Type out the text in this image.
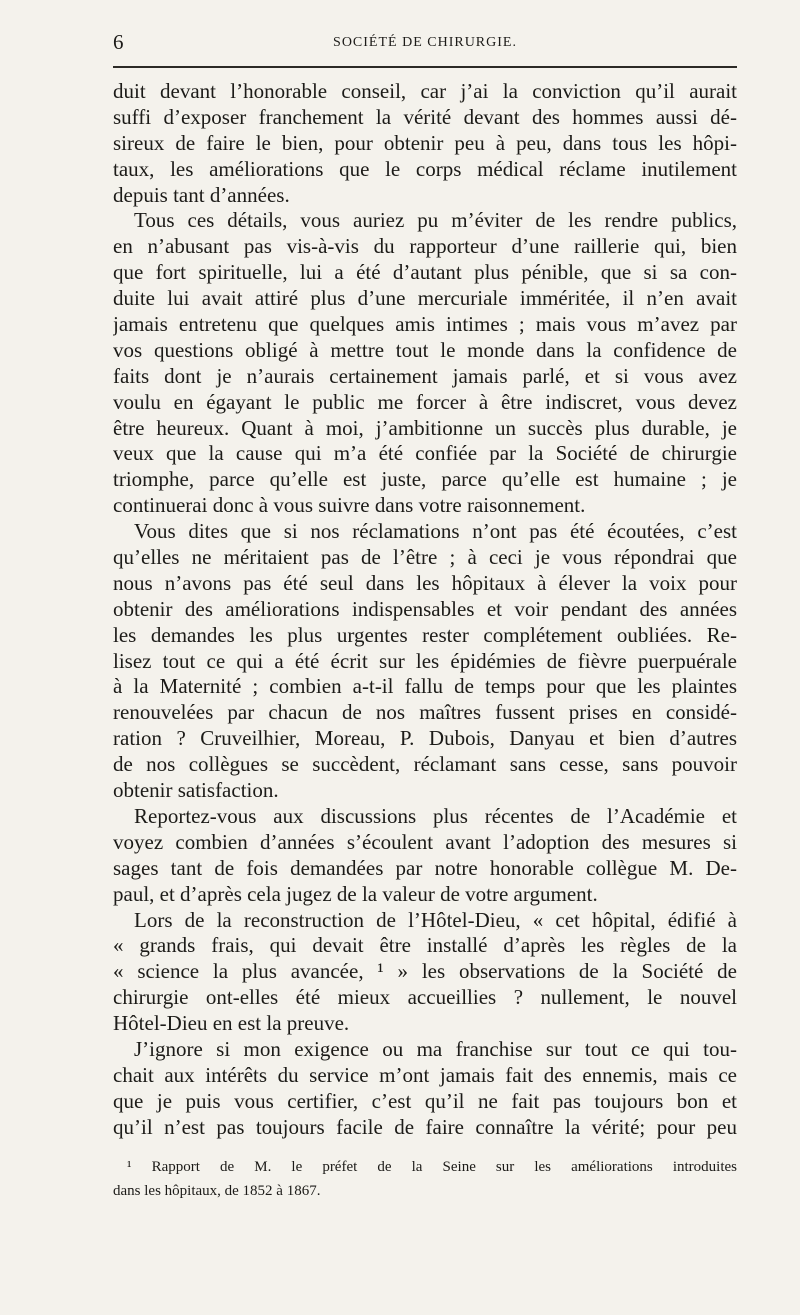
6	SOCIÉTÉ DE CHIRURGIE.
duit devant l’honorable conseil, car j’ai la conviction qu’il aurait
suffi d’exposer franchement la vérité devant des hommes aussi dé-
sireux de faire le bien, pour obtenir peu à peu, dans tous les hôpi-
taux, les améliorations que le corps médical réclame inutilement
depuis tant d’années.
Tous ces détails, vous auriez pu m’éviter de les rendre publics,
en n’abusant pas vis-à-vis du rapporteur d’une raillerie qui, bien
que fort spirituelle, lui a été d’autant plus pénible, que si sa con-
duite lui avait attiré plus d’une mercuriale imméritée, il n’en avait
jamais entretenu que quelques amis intimes ; mais vous m’avez par
vos questions obligé à mettre tout le monde dans la confidence de
faits dont je n’aurais certainement jamais parlé, et si vous avez
voulu en égayant le public me forcer à être indiscret, vous devez
être heureux. Quant à moi, j’ambitionne un succès plus durable, je
veux que la cause qui m’a été confiée par la Société de chirurgie
triomphe, parce qu’elle est juste, parce qu’elle est humaine ; je
continuerai donc à vous suivre dans votre raisonnement.
Vous dites que si nos réclamations n’ont pas été écoutées, c’est
qu’elles ne méritaient pas de l’être ; à ceci je vous répondrai que
nous n’avons pas été seul dans les hôpitaux à élever la voix pour
obtenir des améliorations indispensables et voir pendant des années
les demandes les plus urgentes rester complétement oubliées. Re-
lisez tout ce qui a été écrit sur les épidémies de fièvre puerpuérale
à la Maternité ; combien a-t-il fallu de temps pour que les plaintes
renouvelées par chacun de nos maîtres fussent prises en considé-
ration ? Cruveilhier, Moreau, P. Dubois, Danyau et bien d’autres
de nos collègues se succèdent, réclamant sans cesse, sans pouvoir
obtenir satisfaction.
Reportez-vous aux discussions plus récentes de l’Académie et
voyez combien d’années s’écoulent avant l’adoption des mesures si
sages tant de fois demandées par notre honorable collègue M. De-
paul, et d’après cela jugez de la valeur de votre argument.
Lors de la reconstruction de l’Hôtel-Dieu, « cet hôpital, édifié à
« grands frais, qui devait être installé d’après les règles de la
« science la plus avancée, ¹ » les observations de la Société de
chirurgie ont-elles été mieux accueillies ? nullement, le nouvel
Hôtel-Dieu en est la preuve.
J’ignore si mon exigence ou ma franchise sur tout ce qui tou-
chait aux intérêts du service m’ont jamais fait des ennemis, mais ce
que je puis vous certifier, c’est qu’il ne fait pas toujours bon et
qu’il n’est pas toujours facile de faire connaître la vérité; pour peu
¹ Rapport de M. le préfet de la Seine sur les améliorations introduites
dans les hôpitaux, de 1852 à 1867.
